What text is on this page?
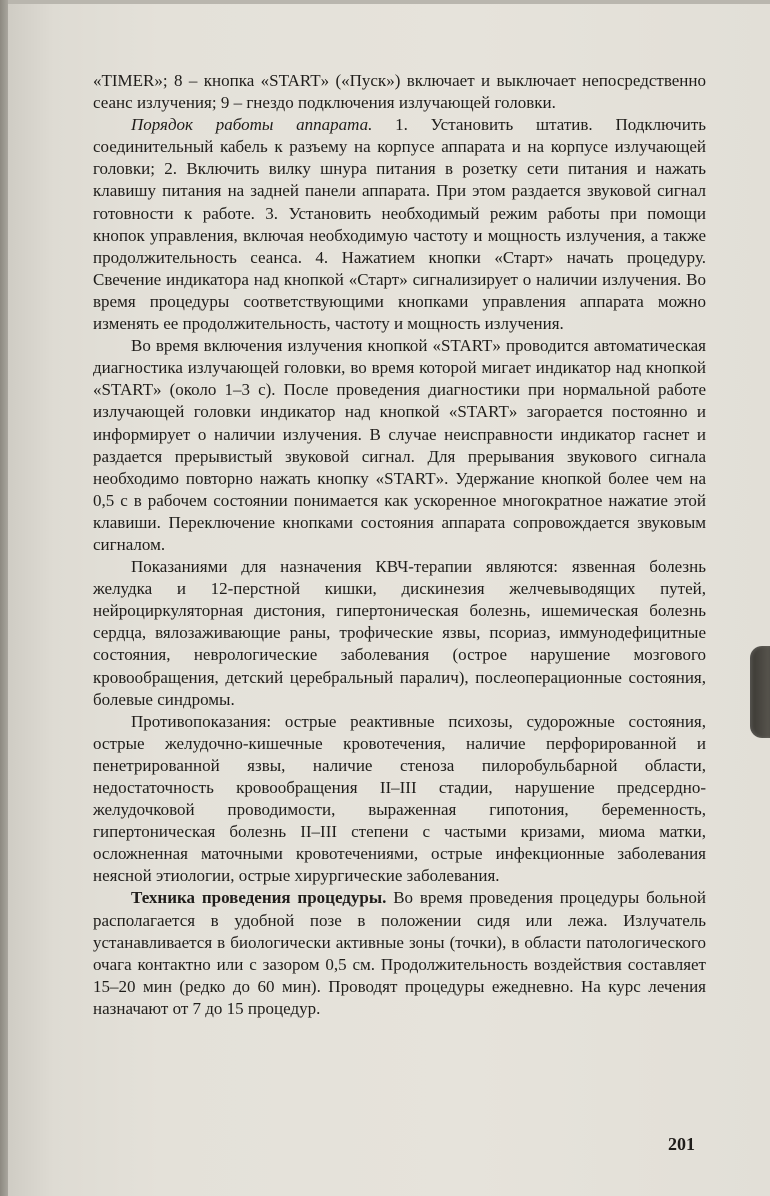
«TIMER»; 8 – кнопка «START» («Пуск») включает и выключает непосредственно сеанс излучения; 9 – гнездо подключения излучающей головки.

Порядок работы аппарата. 1. Установить штатив. Подключить соединительный кабель к разъему на корпусе аппарата и на корпусе излучающей головки; 2. Включить вилку шнура питания в розетку сети питания и нажать клавишу питания на задней панели аппарата. При этом раздается звуковой сигнал готовности к работе. 3. Установить необходимый режим работы при помощи кнопок управления, включая необходимую частоту и мощность излучения, а также продолжительность сеанса. 4. Нажатием кнопки «Старт» начать процедуру. Свечение индикатора над кнопкой «Старт» сигнализирует о наличии излучения. Во время процедуры соответствующими кнопками управления аппарата можно изменять ее продолжительность, частоту и мощность излучения.

Во время включения излучения кнопкой «START» проводится автоматическая диагностика излучающей головки, во время которой мигает индикатор над кнопкой «START» (около 1–3 с). После проведения диагностики при нормальной работе излучающей головки индикатор над кнопкой «START» загорается постоянно и информирует о наличии излучения. В случае неисправности индикатор гаснет и раздается прерывистый звуковой сигнал. Для прерывания звукового сигнала необходимо повторно нажать кнопку «START». Удержание кнопкой более чем на 0,5 с в рабочем состоянии понимается как ускоренное многократное нажатие этой клавиши. Переключение кнопками состояния аппарата сопровождается звуковым сигналом.

Показаниями для назначения КВЧ-терапии являются: язвенная болезнь желудка и 12-перстной кишки, дискинезия желчевыводящих путей, нейроциркуляторная дистония, гипертоническая болезнь, ишемическая болезнь сердца, вялозаживающие раны, трофические язвы, псориаз, иммунодефицитные состояния, неврологические заболевания (острое нарушение мозгового кровообращения, детский церебральный паралич), послеоперационные состояния, болевые синдромы.

Противопоказания: острые реактивные психозы, судорожные состояния, острые желудочно-кишечные кровотечения, наличие перфорированной и пенетрированной язвы, наличие стеноза пилоробульбарной области, недостаточность кровообращения II–III стадии, нарушение предсердно-желудочковой проводимости, выраженная гипотония, беременность, гипертоническая болезнь II–III степени с частыми кризами, миома матки, осложненная маточными кровотечениями, острые инфекционные заболевания неясной этиологии, острые хирургические заболевания.

Техника проведения процедуры. Во время проведения процедуры больной располагается в удобной позе в положении сидя или лежа. Излучатель устанавливается в биологически активные зоны (точки), в области патологического очага контактно или с зазором 0,5 см. Продолжительность воздействия составляет 15–20 мин (редко до 60 мин). Проводят процедуры ежедневно. На курс лечения назначают от 7 до 15 процедур.

201
